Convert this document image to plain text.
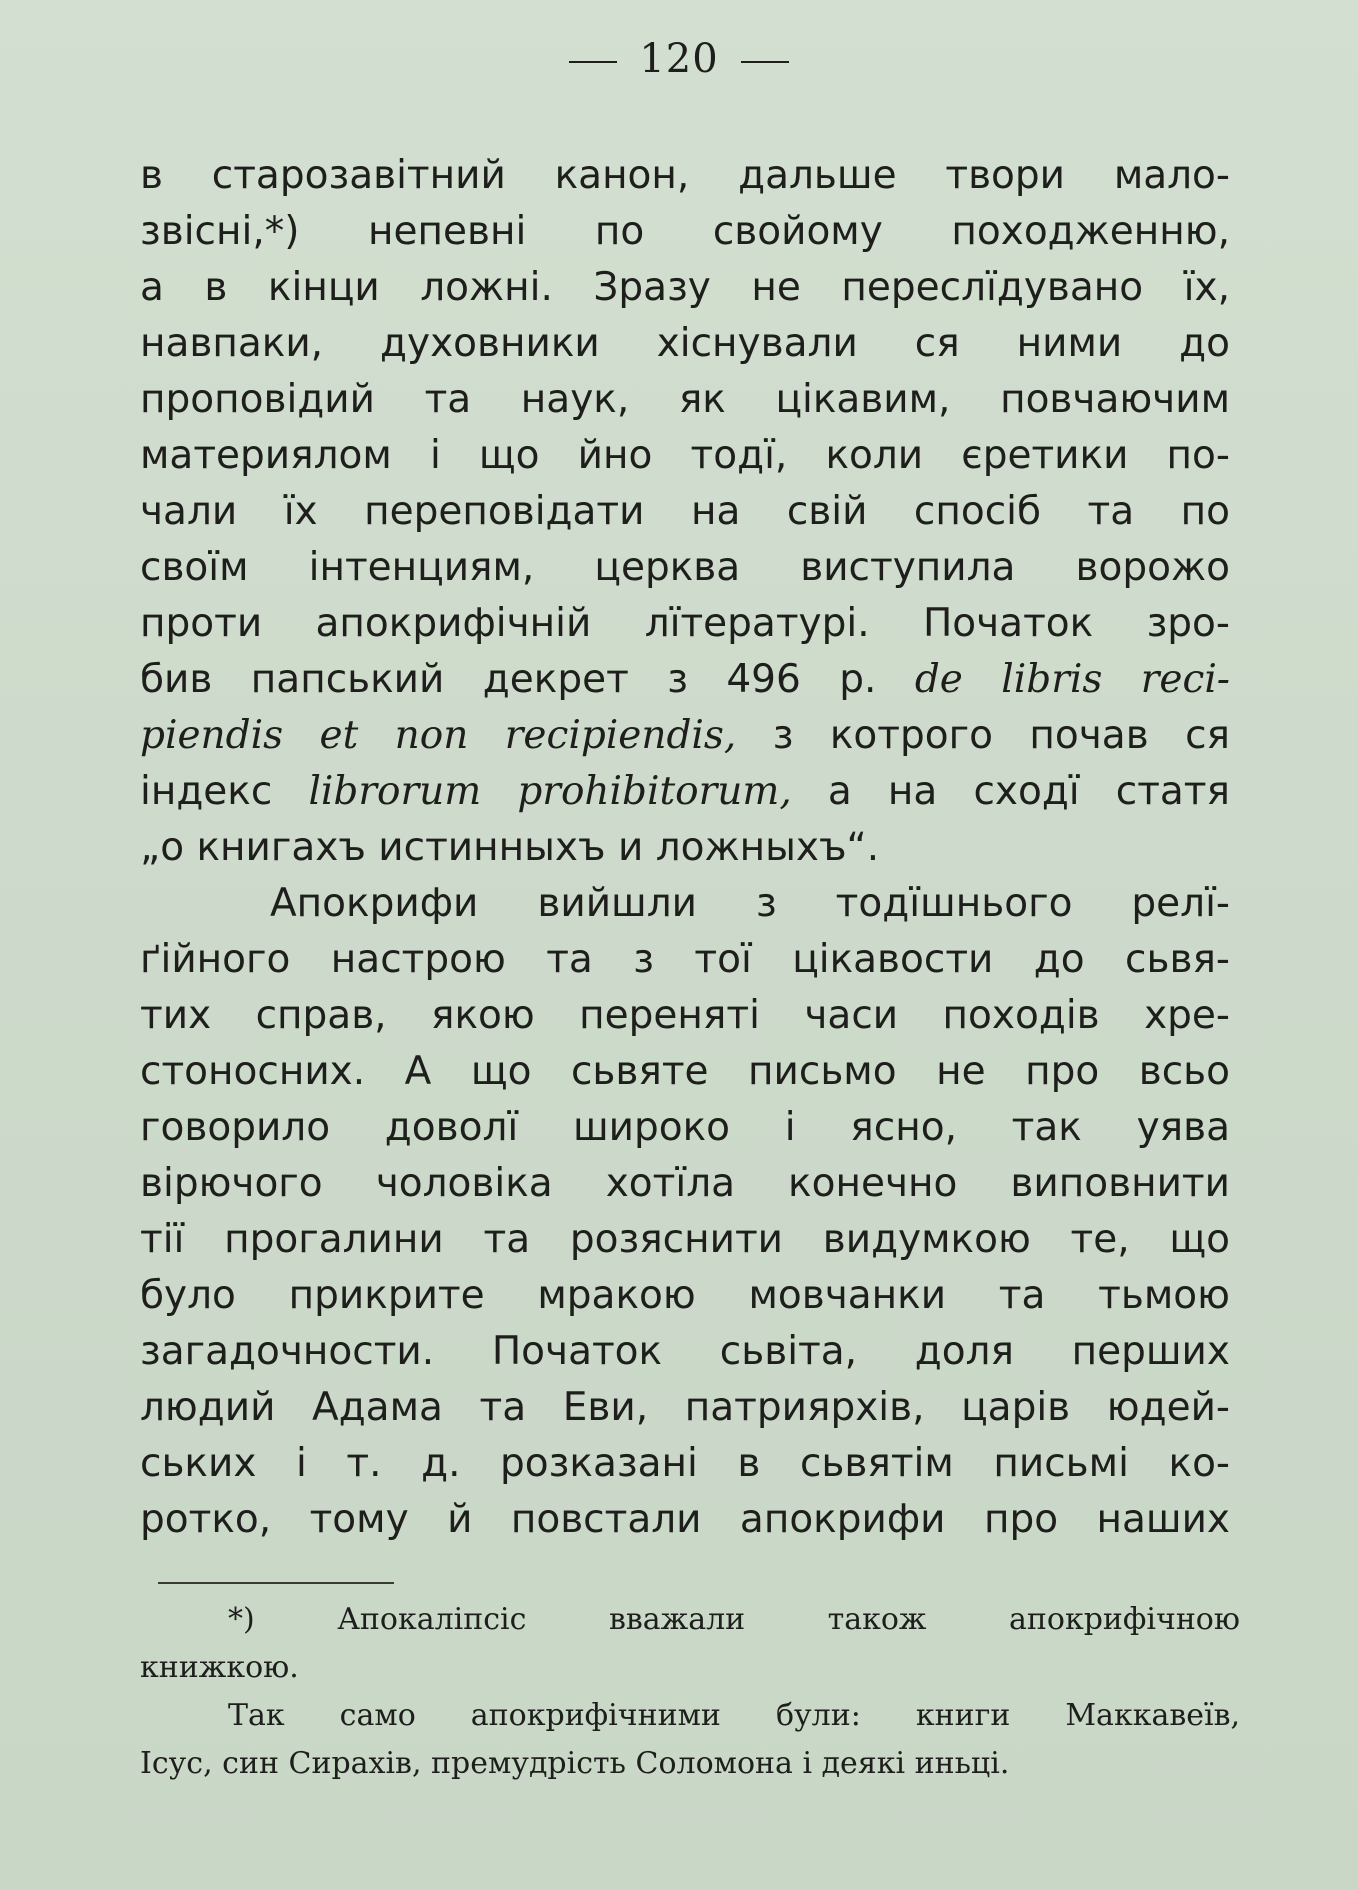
120
в старозавітний канон, дальше твори мало-
звісні,*) непевні по свойому походженню,
а в кінци ложні. Зразу не переслїдувано їх,
навпаки, духовники хіснували ся ними до
проповідий та наук, як цікавим, повчаючим
материялом і що йно тодї, коли єретики по-
чали їх переповідати на свій спосіб та по
своїм інтенциям, церква виступила ворожо
проти апокрифічній лїтературі. Початок зро-
бив папський декрет з 496 р. de libris reci-
piendis et non recipiendis, з котрого почав ся
індекс librorum prohibitorum, а на сходї статя
„о книгахъ истинныхъ и ложныхъ“.
Апокрифи вийшли з тодїшнього релї-
ґійного настрою та з тої цікавости до сьвя-
тих справ, якою переняті часи походів хре-
стоносних. А що сьвяте письмо не про всьо
говорило доволї широко і ясно, так уява
вірючого чоловіка хотїла конечно виповнити
тії прогалини та розяснити видумкою те, що
було прикрите мракою мовчанки та тьмою
загадочности. Початок сьвіта, доля перших
людий Адама та Еви, патриярхів, царів юдей-
ських і т. д. розказані в сьвятім письмі ко-
ротко, тому й повстали апокрифи про наших
*) Апокаліпсіс вважали також апокрифічною
книжкою.
Так само апокрифічними були: книги Маккавеїв,
Ісус, син Сирахів, премудрість Соломона і деякі иньці.
